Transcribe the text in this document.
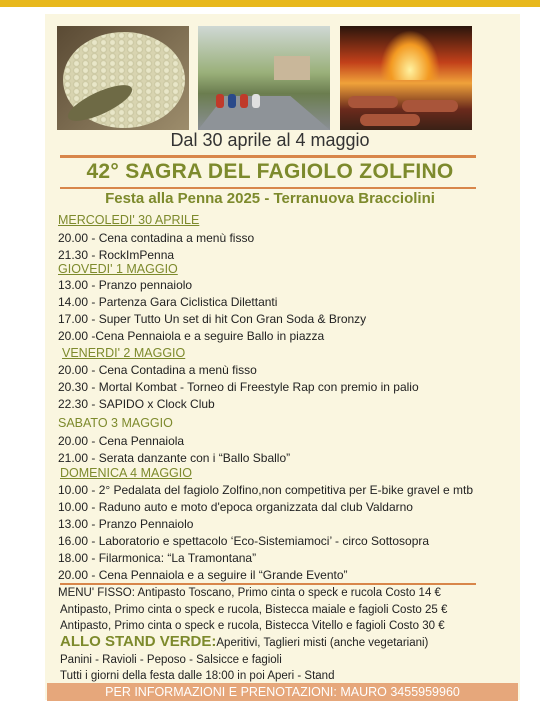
Dal 30 aprile al 4 maggio
42° SAGRA DEL FAGIOLO ZOLFINO
Festa alla Penna 2025 - Terranuova Bracciolini
MERCOLEDI' 30 APRILE
20.00 - Cena contadina a menù fisso
21.30 - RockImPenna
GIOVEDI' 1 MAGGIO
13.00 - Pranzo pennaiolo
14.00 - Partenza Gara Ciclistica Dilettanti
17.00 - Super Tutto Un set di hit Con Gran Soda & Bronzy
20.00 -Cena Pennaiola e a seguire Ballo in piazza
VENERDI' 2 MAGGIO
20.00 - Cena Contadina a menù fisso
20.30 - Mortal Kombat - Torneo di Freestyle Rap con premio in palio
22.30 - SAPIDO x Clock Club
SABATO 3 MAGGIO
20.00 - Cena Pennaiola
21.00 - Serata danzante con i “Ballo Sballo”
DOMENICA 4 MAGGIO
10.00 - 2° Pedalata del fagiolo Zolfino,non competitiva per E-bike gravel e mtb
10.00 - Raduno auto e moto d'epoca organizzata dal club Valdarno
13.00 - Pranzo Pennaiolo
16.00 - Laboratorio e spettacolo ‘Eco-Sistemiamoci’ - circo Sottosopra
18.00 - Filarmonica: “La Tramontana”
20.00 - Cena Pennaiola e a seguire il “Grande Evento”
MENU' FISSO: Antipasto Toscano, Primo cinta o speck e rucola Costo 14 €
Antipasto, Primo cinta o speck e rucola, Bistecca maiale e fagioli Costo 25 €
Antipasto, Primo cinta o speck e rucola, Bistecca Vitello e fagioli Costo 30 €
ALLO STAND VERDE:Aperitivi, Taglieri misti (anche vegetariani)
Panini - Ravioli - Peposo - Salsicce e fagioli
Tutti i giorni della festa dalle 18:00 in poi Aperi - Stand
PER INFORMAZIONI E PRENOTAZIONI: MAURO 3455959960
